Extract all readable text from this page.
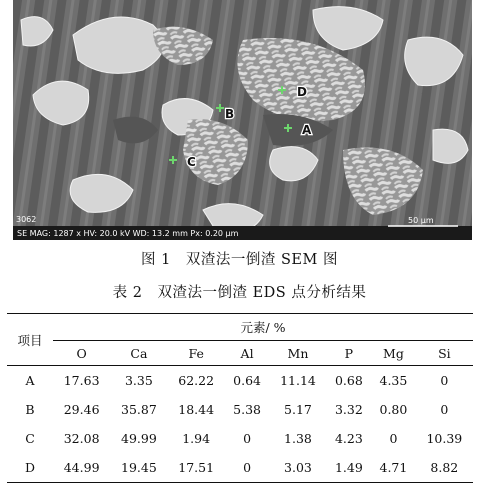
A
B
C
D
3062
SE MAG: 1287 x HV: 20.0 kV WD: 13.2 mm Px: 0.20 μm
50 μm
图 1　双渣法一倒渣 SEM 图
表 2　双渣法一倒渣 EDS 点分析结果
项目	元素/ %							
	O	Ca	Fe	Al	Mn	P	Mg	Si
A	17.63	3.35	62.22	0.64	11.14	0.68	4.35	0
B	29.46	35.87	18.44	5.38	5.17	3.32	0.80	0
C	32.08	49.99	1.94	0	1.38	4.23	0	10.39
D	44.99	19.45	17.51	0	3.03	1.49	4.71	8.82
